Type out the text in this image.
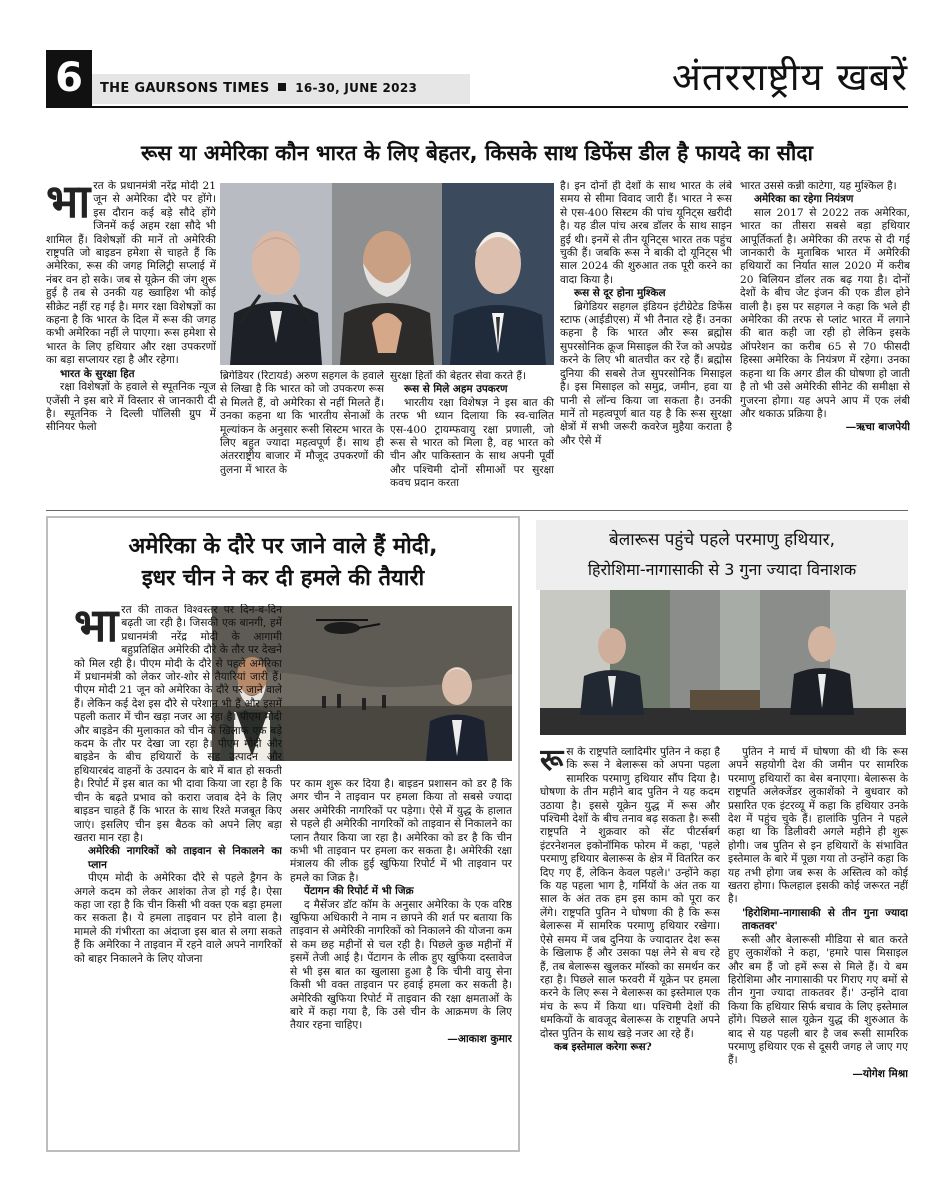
6	THE GAURSONS TIMES 16-30, JUNE 2023	अंतरराष्ट्रीय खबरें
रूस या अमेरिका कौन भारत के लिए बेहतर, किसके साथ डिफेंस डील है फायदे का सौदा
भा रत के प्रधानमंत्री नरेंद्र मोदी 21 जून से अमेरिका दौरे पर होंगे। इस दौरान कई बड़े सौदे होंगे जिनमें कई अहम रक्षा सौदे भी शामिल हैं। विशेषज्ञों की मानें तो अमेरिकी राष्ट्रपति जो बाइडन हमेशा से चाहते हैं कि अमेरिका, रूस की जगह मिलिट्री सप्लाई में नंबर वन हो सके। जब से यूक्रेन की जंग शुरू हुई है तब से उनकी यह ख्वाहिश भी कोई सीक्रेट नहीं रह गई है। मगर रक्षा विशेषज्ञों का कहना है कि भारत के दिल में रूस की जगह कभी अमेरिका नहीं ले पाएगा। रूस हमेशा से भारत के लिए हथियार और रक्षा उपकरणों का बड़ा सप्लायर रहा है और रहेगा।

भारत के सुरक्षा हित

रक्षा विशेषज्ञों के हवाले से स्पूतनिक न्यूज एजेंसी ने इस बारे में विस्तार से जानकारी दी है। स्पूतनिक ने दिल्ली पॉलिसी ग्रुप में सीनियर फेलो

ब्रिगेडियर (रिटायर्ड) अरुण सहगल के हवाले से लिखा है कि भारत को जो उपकरण रूस से मिलते हैं, वो अमेरिका से नहीं मिलते हैं। उनका कहना था कि भारतीय सेनाओं के मूल्यांकन के अनुसार रूसी सिस्टम भारत के लिए बहुत ज्यादा महत्वपूर्ण हैं। साथ ही अंतरराष्ट्रीय बाजार में मौजूद उपकरणों की तुलना में भारत के

सुरक्षा हितों की बेहतर सेवा करते हैं।

रूस से मिले अहम उपकरण

भारतीय रक्षा विशेषज्ञ ने इस बात की तरफ भी ध्यान दिलाया कि स्व-चालित एस-400 ट्रायम्फवायु रक्षा प्रणाली, जो रूस से भारत को मिला है, वह भारत को चीन और पाकिस्तान के साथ अपनी पूर्वी और पश्चिमी दोनों सीमाओं पर सुरक्षा कवच प्रदान करता

है। इन दोनों ही देशों के साथ भारत के लंबे समय से सीमा विवाद जारी हैं। भारत ने रूस से एस-400 सिस्टम की पांच यूनिट्स खरीदी है। यह डील पांच अरब डॉलर के साथ साइन हुई थी। इनमें से तीन यूनिट्स भारत तक पहुंच चुकी हैं। जबकि रूस ने बाकी दो यूनिट्स भी साल 2024 की शुरुआत तक पूरी करने का वादा किया है।

रूस से दूर होना मुश्किल

ब्रिगेडियर सहगल इंडियन इंटीग्रेटेड डिफेंस स्टाफ (आईडीएस) में भी तैनात रहे हैं। उनका कहना है कि भारत और रूस ब्रह्मोस सुपरसोनिक क्रूज मिसाइल की रेंज को अपग्रेड करने के लिए भी बातचीत कर रहे हैं। ब्रह्मोस दुनिया की सबसे तेज सुपरसोनिक मिसाइल है। इस मिसाइल को समुद्र, जमीन, हवा या पानी से लॉन्च किया जा सकता है। उनकी मानें तो महत्वपूर्ण बात यह है कि रूस सुरक्षा क्षेत्रों में सभी जरूरी कवरेज मुहैया कराता है और ऐसे में

भारत उससे कन्नी काटेगा, यह मुश्किल है।

अमेरिका का रहेगा नियंत्रण

साल 2017 से 2022 तक अमेरिका, भारत का तीसरा सबसे बड़ा हथियार आपूर्तिकर्ता है। अमेरिका की तरफ से दी गई जानकारी के मुताबिक भारत में अमेरिकी हथियारों का निर्यात साल 2020 में करीब 20 बिलियन डॉलर तक बढ़ गया है। दोनों देशों के बीच जेट इंजन की एक डील होने वाली है। इस पर सहगल ने कहा कि भले ही अमेरिका की तरफ से प्लांट भारत में लगाने की बात कही जा रही हो लेकिन इसके ऑपरेशन का करीब 65 से 70 फीसदी हिस्सा अमेरिका के नियंत्रण में रहेगा। उनका कहना था कि अगर डील की घोषणा हो जाती है तो भी उसे अमेरिकी सीनेट की समीक्षा से गुजरना होगा। यह अपने आप में एक लंबी और थकाऊ प्रक्रिया है।

—ऋचा बाजपेयी

अमेरिका के दौरे पर जाने वाले हैं मोदी,
इधर चीन ने कर दी हमले की तैयारी
भा रत की ताकत विश्वस्तर पर दिन-ब-दिन बढ़ती जा रही है। जिसकी एक बानगी, हमें प्रधानमंत्री नरेंद्र मोदी के आगामी बहुप्रतिक्षित अमेरिकी दौरे के तौर पर देखने को मिल रही है। पीएम मोदी के दौरे से पहले अमेरिका में प्रधानमंत्री को लेकर जोर-शोर से तैयारियां जारी हैं। पीएम मोदी 21 जून को अमेरिका के दौरे पर जाने वाले हैं। लेकिन कई देश इस दौरे से परेशान भी हैं और इसमें पहली कतार में चीन खड़ा नजर आ रहा है। पीएम मोदी और बाइडेन की मुलाकात को चीन के खिलाफ एक बड़े कदम के तौर पर देखा जा रहा है। पीएम मोदी और बाइडेन के बीच हथियारों के सह उत्पादन और हथियारबंद वाहनों के उत्पादन के बारे में बात हो सकती है। रिपोर्ट में इस बात का भी दावा किया जा रहा है कि चीन के बढ़ते प्रभाव को करारा जवाब देने के लिए बाइडन चाहते हैं कि भारत के साथ रिश्ते मजबूत किए जाएं। इसलिए चीन इस बैठक को अपने लिए बड़ा खतरा मान रहा है।

अमेरिकी नागरिकों को ताइवान से निकालने का प्लान

पीएम मोदी के अमेरिका दौरे से पहले ड्रैगन के अगले कदम को लेकर आशंका तेज हो गई है। ऐसा कहा जा रहा है कि चीन किसी भी वक्त एक बड़ा हमला कर सकता है। ये हमला ताइवान पर होने वाला है। मामले की गंभीरता का अंदाजा इस बात से लगा सकते हैं कि अमेरिका ने ताइवान में रहने वाले अपने नागरिकों को बाहर निकालने के लिए योजना

पर काम शुरू कर दिया है। बाइडन प्रशासन को डर है कि अगर चीन ने ताइवान पर हमला किया तो सबसे ज्यादा असर अमेरिकी नागरिकों पर पड़ेगा। ऐसे में युद्ध के हालात से पहले ही अमेरिकी नागरिकों को ताइवान से निकालने का प्लान तैयार किया जा रहा है। अमेरिका को डर है कि चीन कभी भी ताइवान पर हमला कर सकता है। अमेरिकी रक्षा मंत्रालय की लीक हुई खुफिया रिपोर्ट में भी ताइवान पर हमले का जिक्र है।

पेंटागन की रिपोर्ट में भी जिक्र

द मैसेंजर डॉट कॉम के अनुसार अमेरिका के एक वरिष्ठ खुफिया अधिकारी ने नाम न छापने की शर्त पर बताया कि ताइवान से अमेरिकी नागरिकों को निकालने की योजना कम से कम छह महीनों से चल रही है। पिछले कुछ महीनों में इसमें तेजी आई है। पेंटागन के लीक हुए खुफिया दस्तावेज से भी इस बात का खुलासा हुआ है कि चीनी वायु सेना किसी भी वक्त ताइवान पर हवाई हमला कर सकती है। अमेरिकी खुफिया रिपोर्ट में ताइवान की रक्षा क्षमताओं के बारे में कहा गया है, कि उसे चीन के आक्रमण के लिए तैयार रहना चाहिए।

—आकाश कुमार

बेलारूस पहुंचे पहले परमाणु हथियार,
हिरोशिमा-नागासाकी से 3 गुना ज्यादा विनाशक
रू स के राष्ट्रपति व्लादिमीर पुतिन ने कहा है कि रूस ने बेलारूस को अपना पहला सामरिक परमाणु हथियार सौंप दिया है। घोषणा के तीन महीने बाद पुतिन ने यह कदम उठाया है। इससे यूक्रेन युद्ध में रूस और पश्चिमी देशों के बीच तनाव बढ़ सकता है। रूसी राष्ट्रपति ने शुक्रवार को सेंट पीटर्सबर्ग इंटरनेशनल इकोनॉमिक फोरम में कहा, 'पहले परमाणु हथियार बेलारूस के क्षेत्र में वितरित कर दिए गए हैं, लेकिन केवल पहले।' उन्होंने कहा कि यह पहला भाग है, गर्मियों के अंत तक या साल के अंत तक हम इस काम को पूरा कर लेंगे। राष्ट्रपति पुतिन ने घोषणा की है कि रूस बेलारूस में सामरिक परमाणु हथियार रखेगा। ऐसे समय में जब दुनिया के ज्यादातर देश रूस के खिलाफ हैं और उसका पक्ष लेने से बच रहे हैं, तब बेलारूस खुलकर मॉस्को का समर्थन कर रहा है। पिछले साल फरवरी में यूक्रेन पर हमला करने के लिए रूस ने बेलारूस का इस्तेमाल एक मंच के रूप में किया था। पश्चिमी देशों की धमकियों के बावजूद बेलारूस के राष्ट्रपति अपने दोस्त पुतिन के साथ खड़े नजर आ रहे हैं।

कब इस्तेमाल करेगा रूस?

पुतिन ने मार्च में घोषणा की थी कि रूस अपने सहयोगी देश की जमीन पर सामरिक परमाणु हथियारों का बेस बनाएगा। बेलारूस के राष्ट्रपति अलेक्जेंडर लुकाशेंको ने बुधवार को प्रसारित एक इंटरव्यू में कहा कि हथियार उनके देश में पहुंच चुके हैं। हालांकि पुतिन ने पहले कहा था कि डिलीवरी अगले महीने ही शुरू होगी। जब पुतिन से इन हथियारों के संभावित इस्तेमाल के बारे में पूछा गया तो उन्होंने कहा कि यह तभी होगा जब रूस के अस्तित्व को कोई खतरा होगा। फिलहाल इसकी कोई जरूरत नहीं है।

'हिरोशिमा-नागासाकी से तीन गुना ज्यादा ताकतवर'

रूसी और बेलारूसी मीडिया से बात करते हुए लुकाशेंको ने कहा, 'हमारे पास मिसाइल और बम हैं जो हमें रूस से मिले हैं। ये बम हिरोशिमा और नागासाकी पर गिराए गए बमों से तीन गुना ज्यादा ताकतवर हैं।' उन्होंने दावा किया कि हथियार सिर्फ बचाव के लिए इस्तेमाल होंगे। पिछले साल यूक्रेन युद्ध की शुरुआत के बाद से यह पहली बार है जब रूसी सामरिक परमाणु हथियार एक से दूसरी जगह ले जाए गए हैं।

—योगेश मिश्रा
